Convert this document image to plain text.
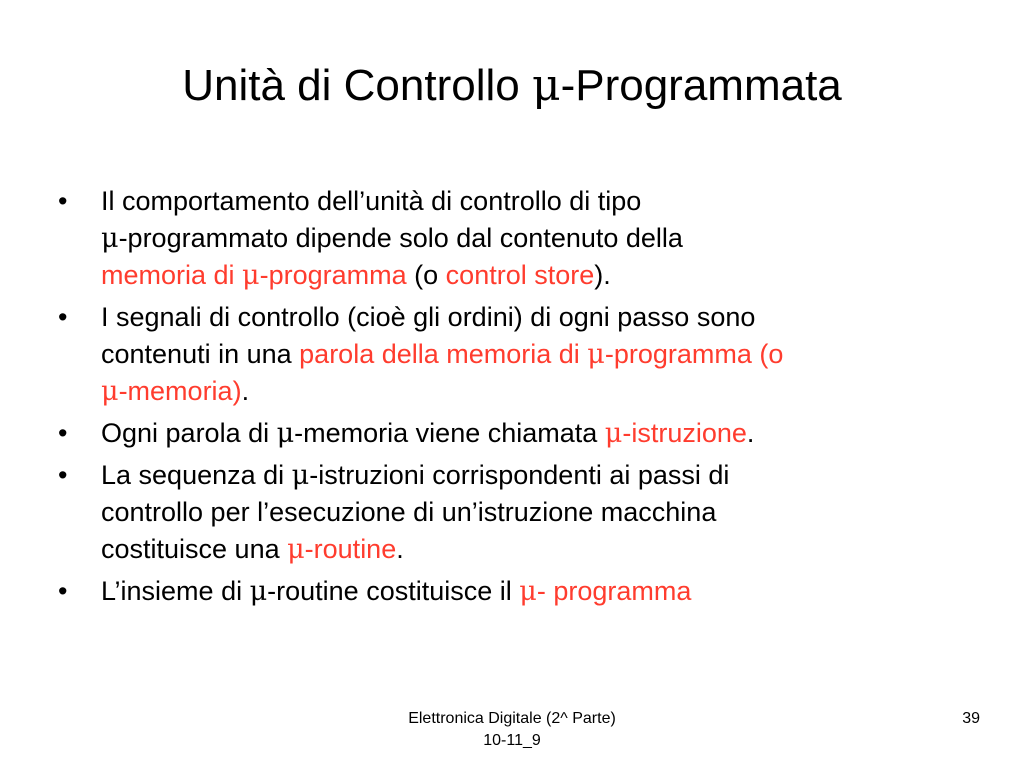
Unità di Controllo μ-Programmata
• Il comportamento dell’unità di controllo di tipo
μ-programmato dipende solo dal contenuto della
memoria di μ-programma (o control store).
• I segnali di controllo (cioè gli ordini) di ogni passo sono
contenuti in una parola della memoria di μ-programma (o
μ-memoria).
• Ogni parola di μ-memoria viene chiamata μ-istruzione.
• La sequenza di μ-istruzioni corrispondenti ai passi di
controllo per l’esecuzione di un’istruzione macchina
costituisce una μ-routine.
• L’insieme di μ-routine costituisce il μ- programma
Elettronica Digitale (2^ Parte)
10-11_9
39
